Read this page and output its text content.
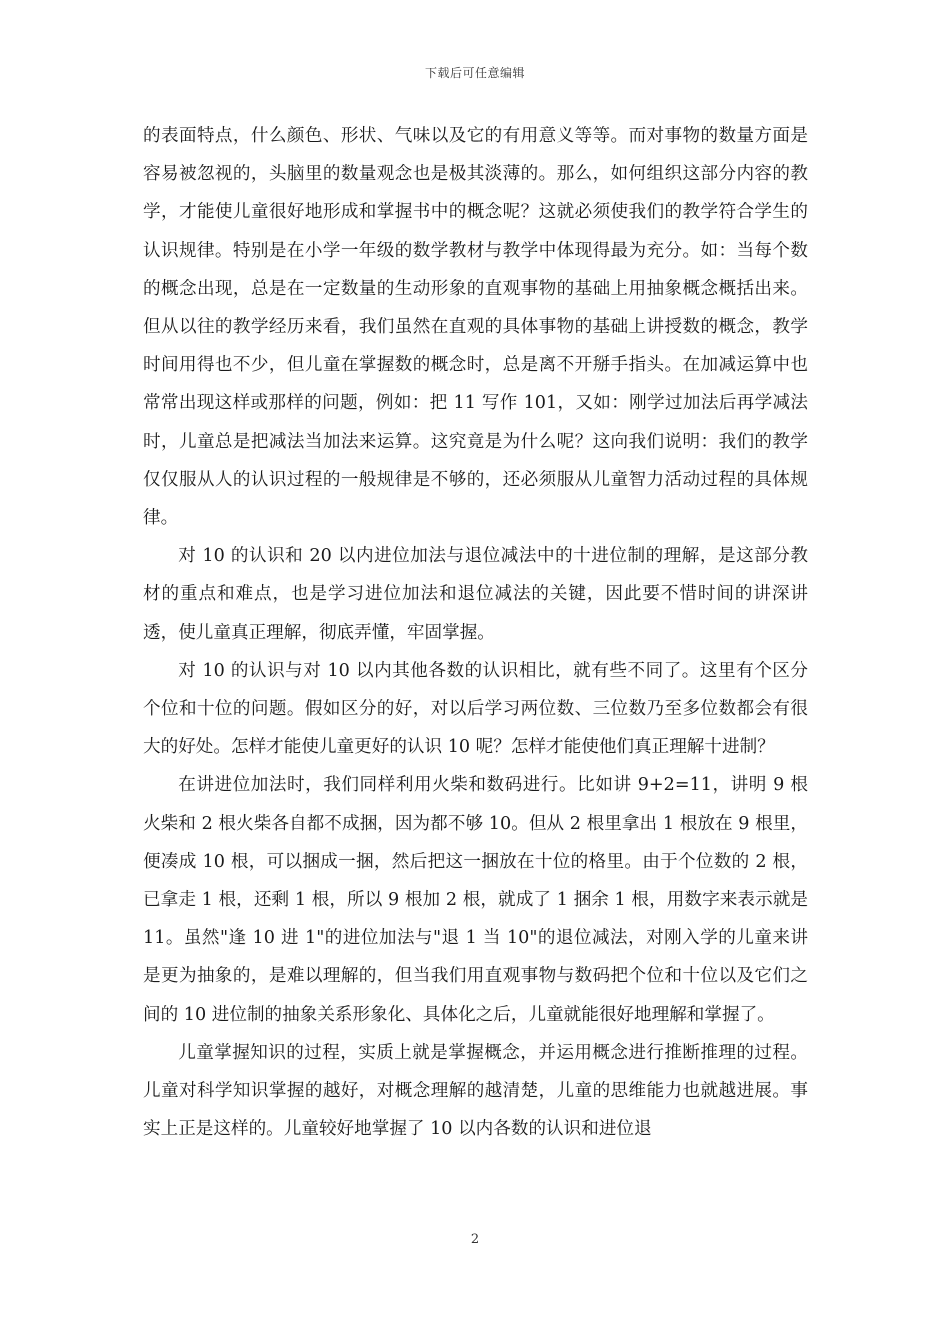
下载后可任意编辑

的表面特点，什么颜色、形状、气味以及它的有用意义等等。而对事物的数量方面是容易被忽视的，头脑里的数量观念也是极其淡薄的。那么，如何组织这部分内容的教学，才能使儿童很好地形成和掌握书中的概念呢？这就必须使我们的教学符合学生的认识规律。特别是在小学一年级的数学教材与教学中体现得最为充分。如：当每个数的概念出现，总是在一定数量的生动形象的直观事物的基础上用抽象概念概括出来。但从以往的教学经历来看，我们虽然在直观的具体事物的基础上讲授数的概念，教学时间用得也不少，但儿童在掌握数的概念时，总是离不开掰手指头。在加减运算中也常常出现这样或那样的问题，例如：把 11 写作 101，又如：刚学过加法后再学减法时，儿童总是把减法当加法来运算。这究竟是为什么呢？这向我们说明：我们的教学仅仅服从人的认识过程的一般规律是不够的，还必须服从儿童智力活动过程的具体规律。

对 10 的认识和 20 以内进位加法与退位减法中的十进位制的理解，是这部分教材的重点和难点，也是学习进位加法和退位减法的关键，因此要不惜时间的讲深讲透，使儿童真正理解，彻底弄懂，牢固掌握。

对 10 的认识与对 10 以内其他各数的认识相比，就有些不同了。这里有个区分个位和十位的问题。假如区分的好，对以后学习两位数、三位数乃至多位数都会有很大的好处。怎样才能使儿童更好的认识 10 呢？怎样才能使他们真正理解十进制？

在讲进位加法时，我们同样利用火柴和数码进行。比如讲 9+2=11，讲明 9 根火柴和 2 根火柴各自都不成捆，因为都不够 10。但从 2 根里拿出 1 根放在 9 根里，便凑成 10 根，可以捆成一捆，然后把这一捆放在十位的格里。由于个位数的 2 根，已拿走 1 根，还剩 1 根，所以 9 根加 2 根，就成了 1 捆余 1 根，用数字来表示就是 11。虽然"逢 10 进 1"的进位加法与"退 1 当 10"的退位减法，对刚入学的儿童来讲是更为抽象的，是难以理解的，但当我们用直观事物与数码把个位和十位以及它们之间的 10 进位制的抽象关系形象化、具体化之后，儿童就能很好地理解和掌握了。

儿童掌握知识的过程，实质上就是掌握概念，并运用概念进行推断推理的过程。儿童对科学知识掌握的越好，对概念理解的越清楚，儿童的思维能力也就越进展。事实上正是这样的。儿童较好地掌握了 10 以内各数的认识和进位退

2
